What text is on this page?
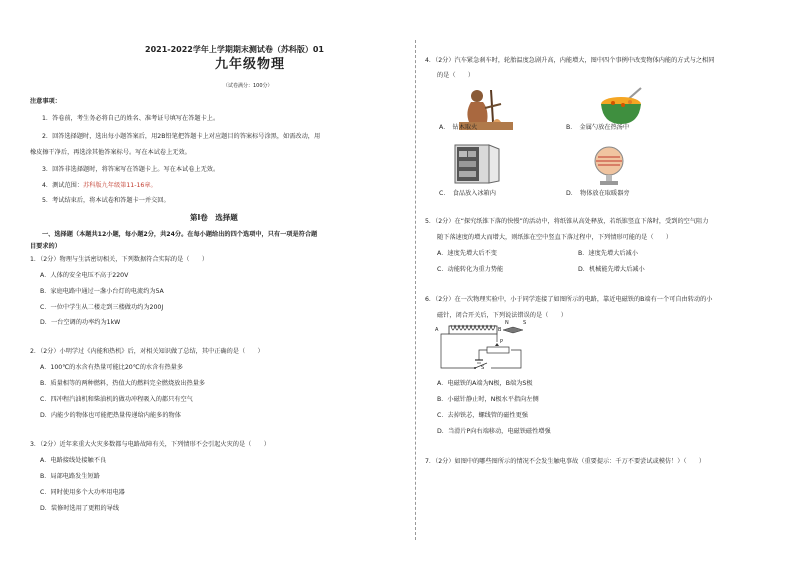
2021-2022学年上学期期末测试卷（苏科版）01
九年级物理
（试卷满分：100分）
注意事项：
1．答卷前，考生务必将自己的姓名、准考证号填写在答题卡上。
2．回答选择题时，选出每小题答案后，用2B铅笔把答题卡上对应题目的答案标号涂黑，如需改动，用
橡皮擦干净后，再选涂其他答案标号。写在本试卷上无效。
3．回答非选择题时，将答案写在答题卡上。写在本试卷上无效。
4．测试范围：苏科版九年级第11-16章。
5．考试结束后，将本试卷和答题卡一并交回。
第Ⅰ卷　选择题
一、选择题（本题共12小题，每小题2分，共24分。在每小题给出的四个选项中，只有一项是符合题
目要求的）
1．（2分）物理与生活密切相关，下列数据符合实际的是（　　）
A．人体的安全电压不高于220V
B．家庭电路中通过一盏小台灯的电流约为5A
C．一位中学生从二楼走到三楼做功约为200J
D．一台空调的功率约为1kW
2．（2分）小明学过《内能和热机》后，对相关知识做了总结，其中正确的是（　　）
A．100℃的水含有热量可能比20℃的水含有热量多
B．质量相等的两种燃料，热值大的燃料完全燃烧放出热量多
C．四冲程汽油机和柴油机的做功冲程吸入的都只有空气
D．内能少的物体也可能把热量传递给内能多的物体
3．（2分）近年来重大火灾多数都与电路故障有关，下列情形不会引起火灾的是（　　）
A．电路接线处接触不良
B．局部电路发生短路
C．同时使用多个大功率用电器
D．装修时选用了更粗的导线
4．（2分）汽车紧急刹车时，轮胎温度急剧升高，内能增大，图中四个事例中改变物体内能的方式与之相同
的是（　　）
A．　钻木取火	B．　金属勺放在热汤中
C．　食品放入冰箱内	D．　物体放在取暖器旁
5．（2分）在“探究纸锥下落的快慢”的活动中，将纸锥从高处释放，若纸锥竖直下落时，受到的空气阻力
随下落速度的增大而增大，则纸锥在空中竖直下落过程中，下列情形可能的是（　　）
A．速度先增大后不变	B．速度先增大后减小
C．动能转化为重力势能	D．机械能先增大后减小
6．（2分）在一次物理实验中，小于同学连接了如图所示的电路，靠近电磁铁的B端有一个可自由转动的小
磁针，闭合开关后，下列说法错误的是（　　）
A	B
N	S
P
S
A．电磁铁的A端为N极，B端为S极
B．小磁针静止时，N极水平指向左侧
C．去掉铁芯，螺线管的磁性更强
D．当滑片P向右端移动，电磁铁磁性增强
7．（2分）如图中的哪些图所示的情况不会发生触电事故（重要提示：千万不要尝试或模仿！）（　　）
